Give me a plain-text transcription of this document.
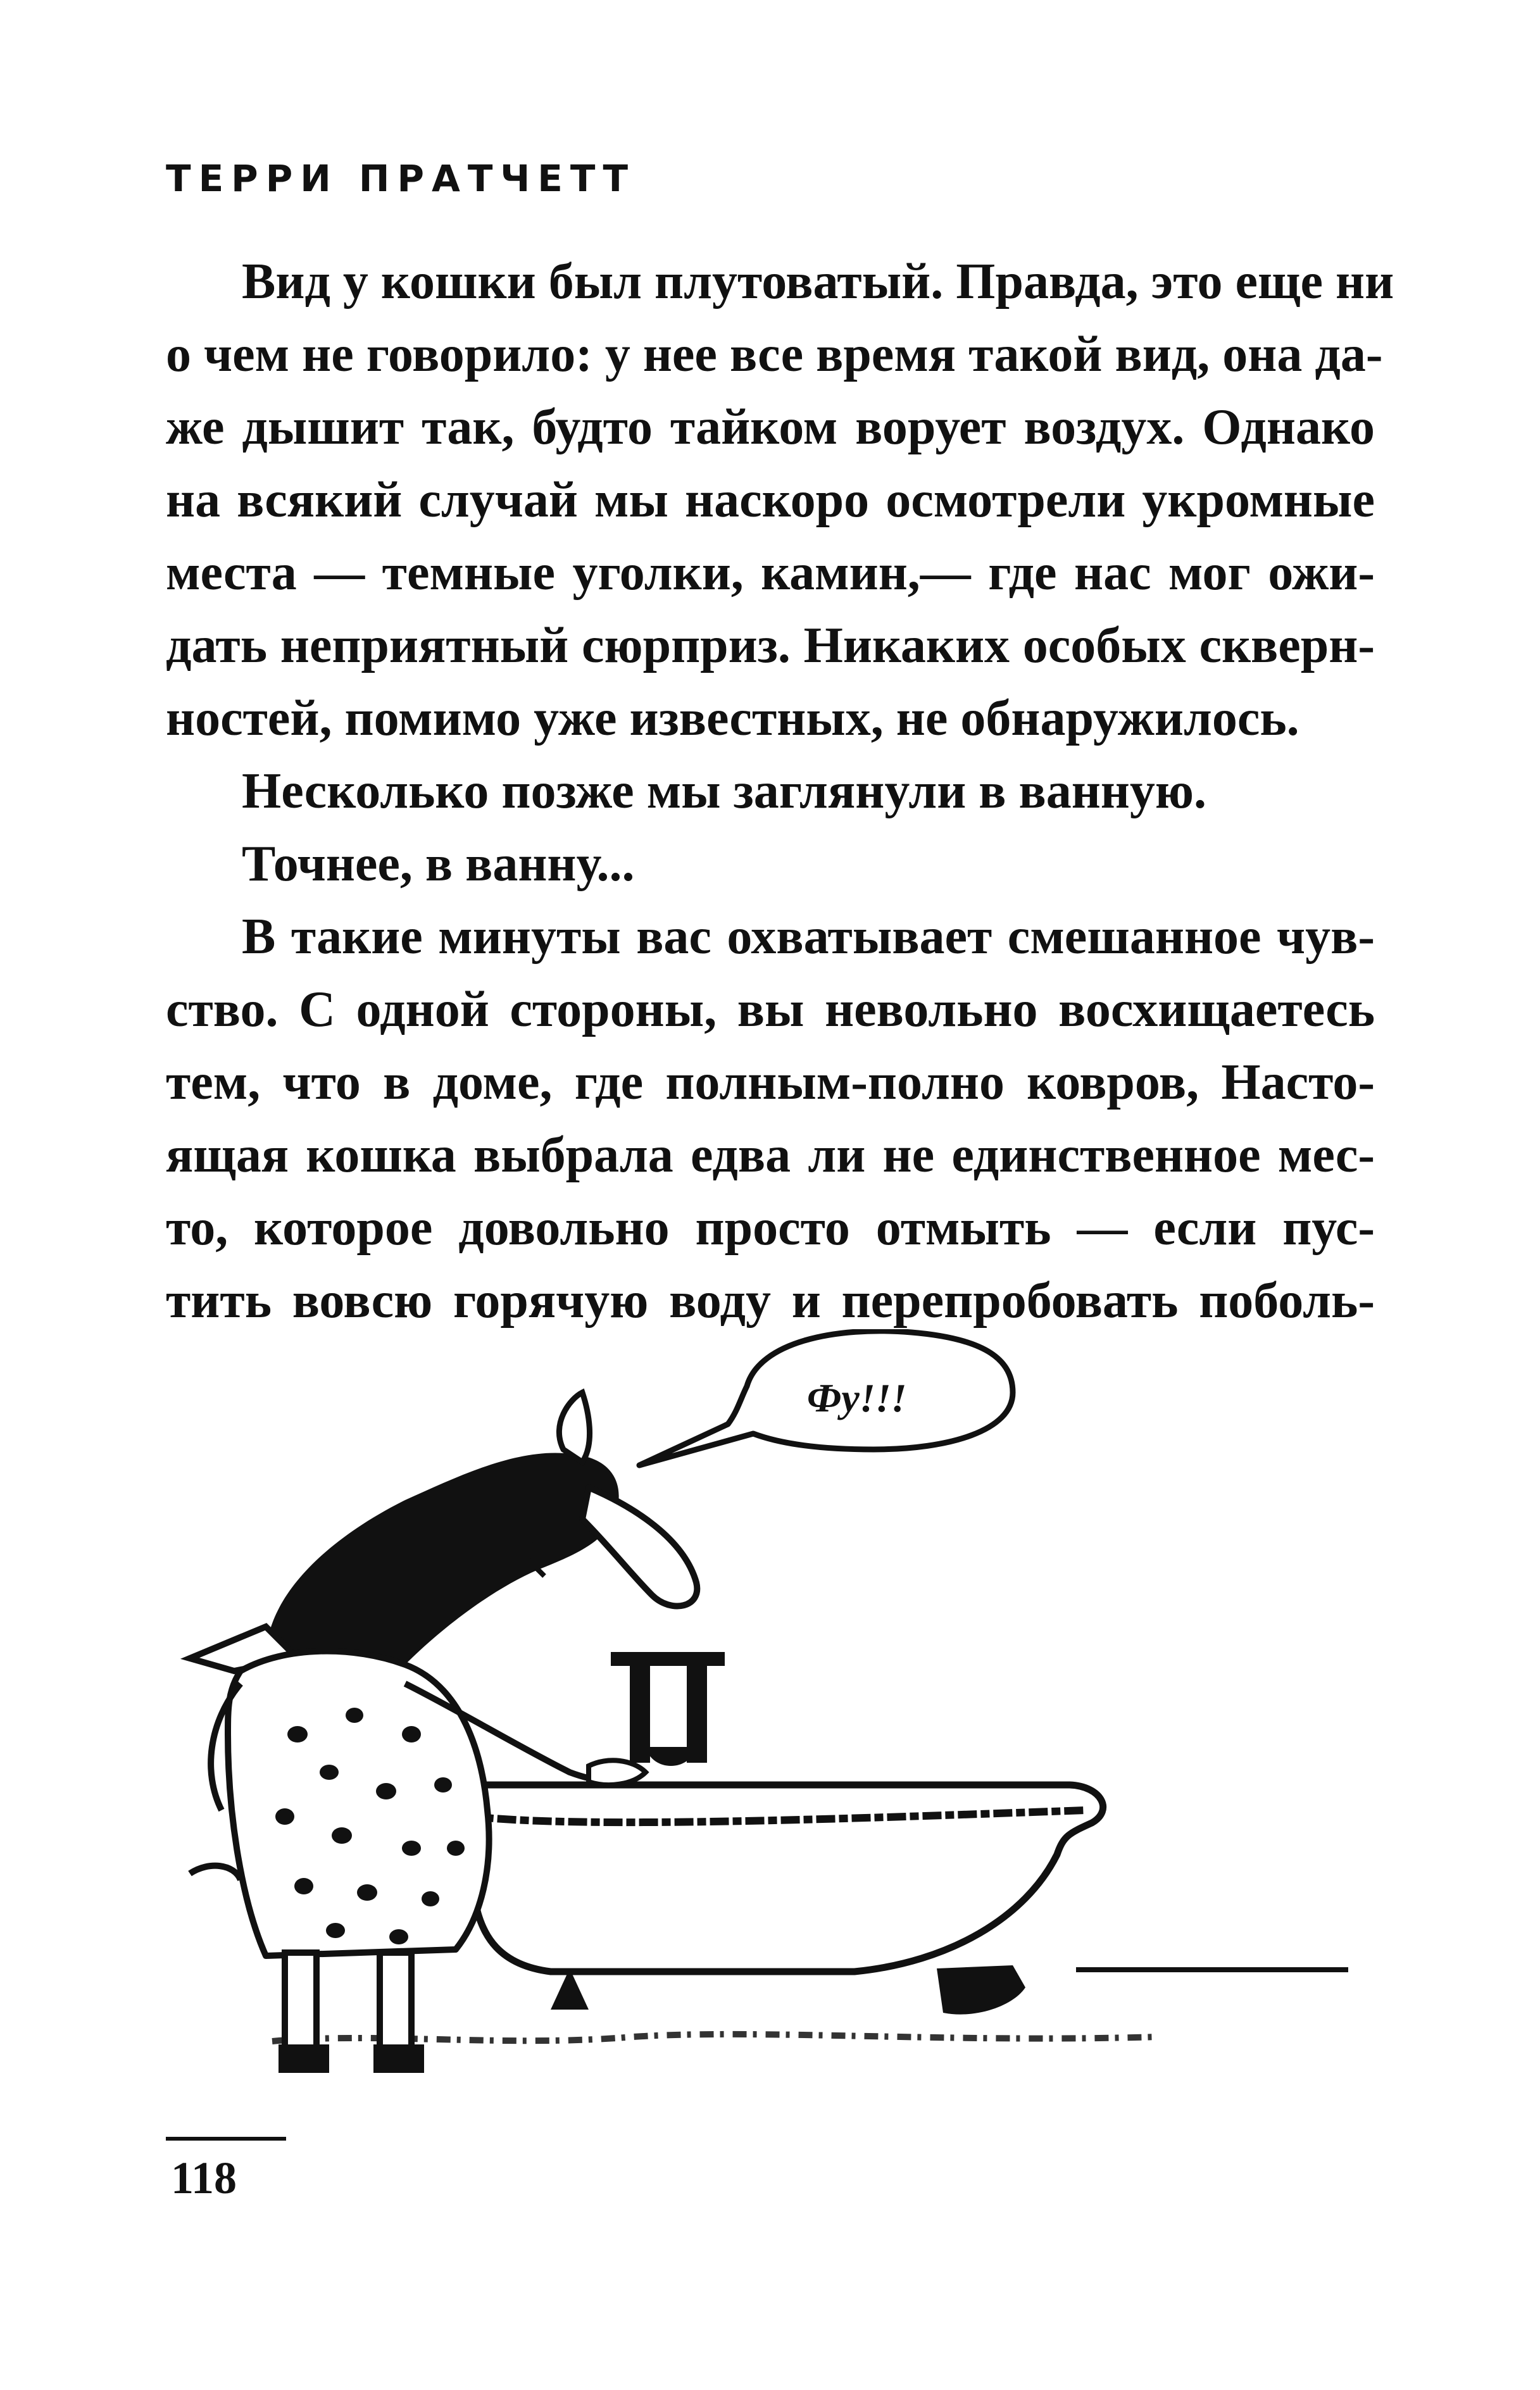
ТЕРРИ ПРАТЧЕТТ
Вид у кошки был плутоватый. Правда, это еще ни
о чем не говорило: у нее все время такой вид, она да-
же дышит так, будто тайком ворует воздух. Однако
на всякий случай мы наскоро осмотрели укромные
места — темные уголки, камин,— где нас мог ожи-
дать неприятный сюрприз. Никаких особых скверн-
ностей, помимо уже известных, не обнаружилось.
Несколько позже мы заглянули в ванную.
Точнее, в ванну...
В такие минуты вас охватывает смешанное чув-
ство. С одной стороны, вы невольно восхищаетесь
тем, что в доме, где полным-полно ковров, Насто-
ящая кошка выбрала едва ли не единственное мес-
то, которое довольно просто отмыть — если пус-
тить вовсю горячую воду и перепробовать поболь-
Фу!!!
118
